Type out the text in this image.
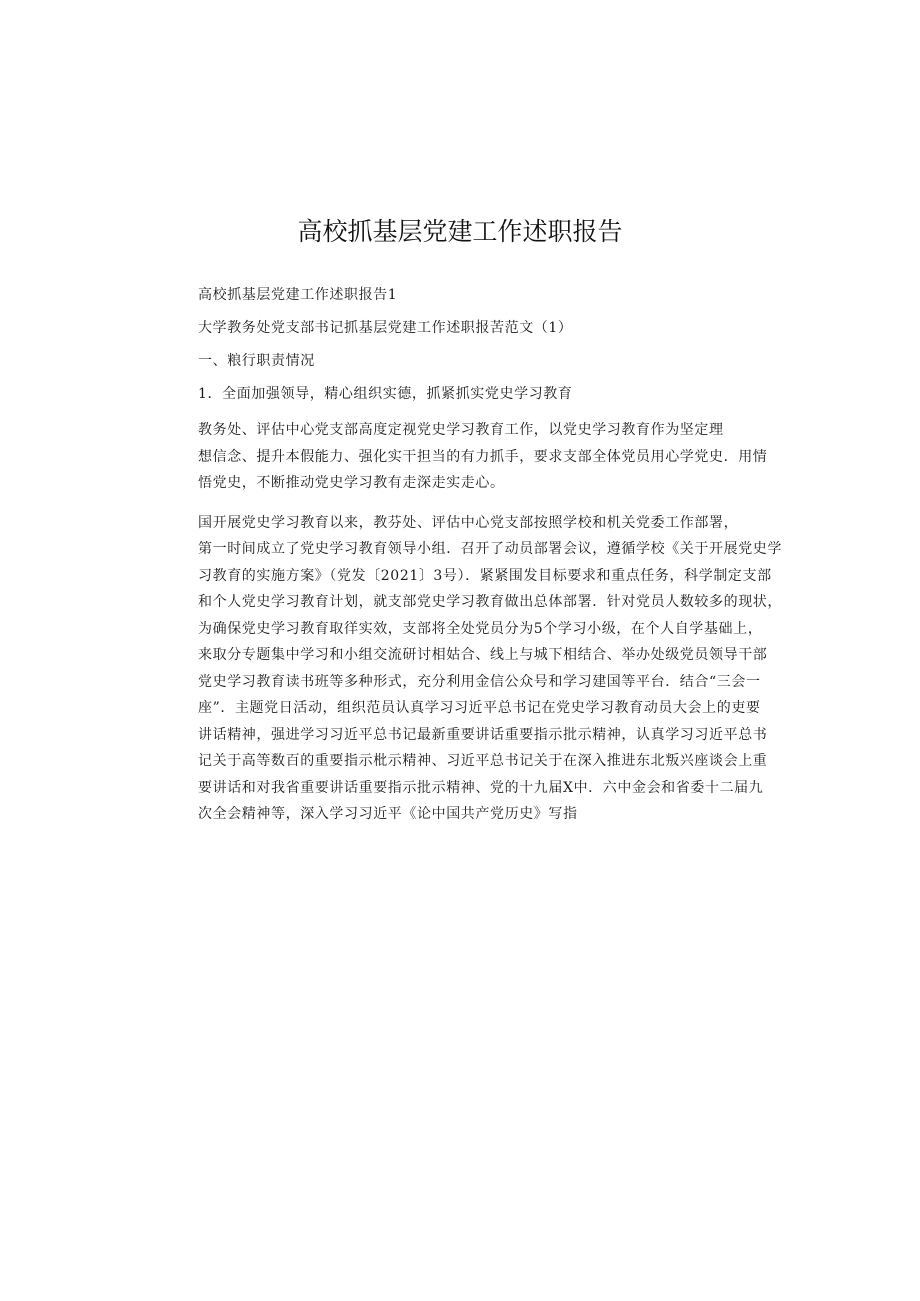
高校抓基层党建工作述职报告

高校抓基层党建工作述职报告1

大学教务处党支部书记抓基层党建工作述职报苦范文（1）

一、粮行职责情况

1．全面加强领导，精心组织实德，抓紧抓实党史学习教育

教务处、评估中心党支部高度定视党史学习教育工作，以党史学习教育作为坚定理
想信念、提升本假能力、强化实干担当的有力抓手，要求支部全体党员用心学党史．用情
悟党史，不断推动党史学习教有走深走实走心。
国开展党史学习教育以来，教芬处、评估中心党支部按照学校和机关党委工作部署，
第一时间成立了党史学习教育领导小组．召开了动员部署会议，遵循学校《关于开展党史学
习教育的实施方案》（党发〔2021〕3号）．紧紧围发目标要求和重点任务，科学制定支部
和个人党史学习教育计划，就支部党史学习教育做出总体部署．针对党员人数较多的现状，
为确保党史学习教育取徉实效，支部将全处党员分为5个学习小级，在个人自学基础上，
来取分专题集中学习和小组交流研讨相姑合、线上与城下相结合、举办处级党员领导干部
党史学习教育读书班等多种形式，充分利用金信公众号和学习建国等平台．结合“三会一
座”．主题党日活动，组织范员认真学习习近平总书记在党史学习教育动员大会上的吏要
讲话精神，强进学习习近平总书记最新重要讲话重要指示批示精神，认真学习习近平总书
记关于高等数百的重要指示枇示精神、习近平总书记关于在深入推进东北叛兴座谈会上重
要讲话和对我省重要讲话重要指示批示精神、党的十九届X中．六中金会和省委十二届九
次全会精神等，深入学习习近平《论中国共产党历史》写指
